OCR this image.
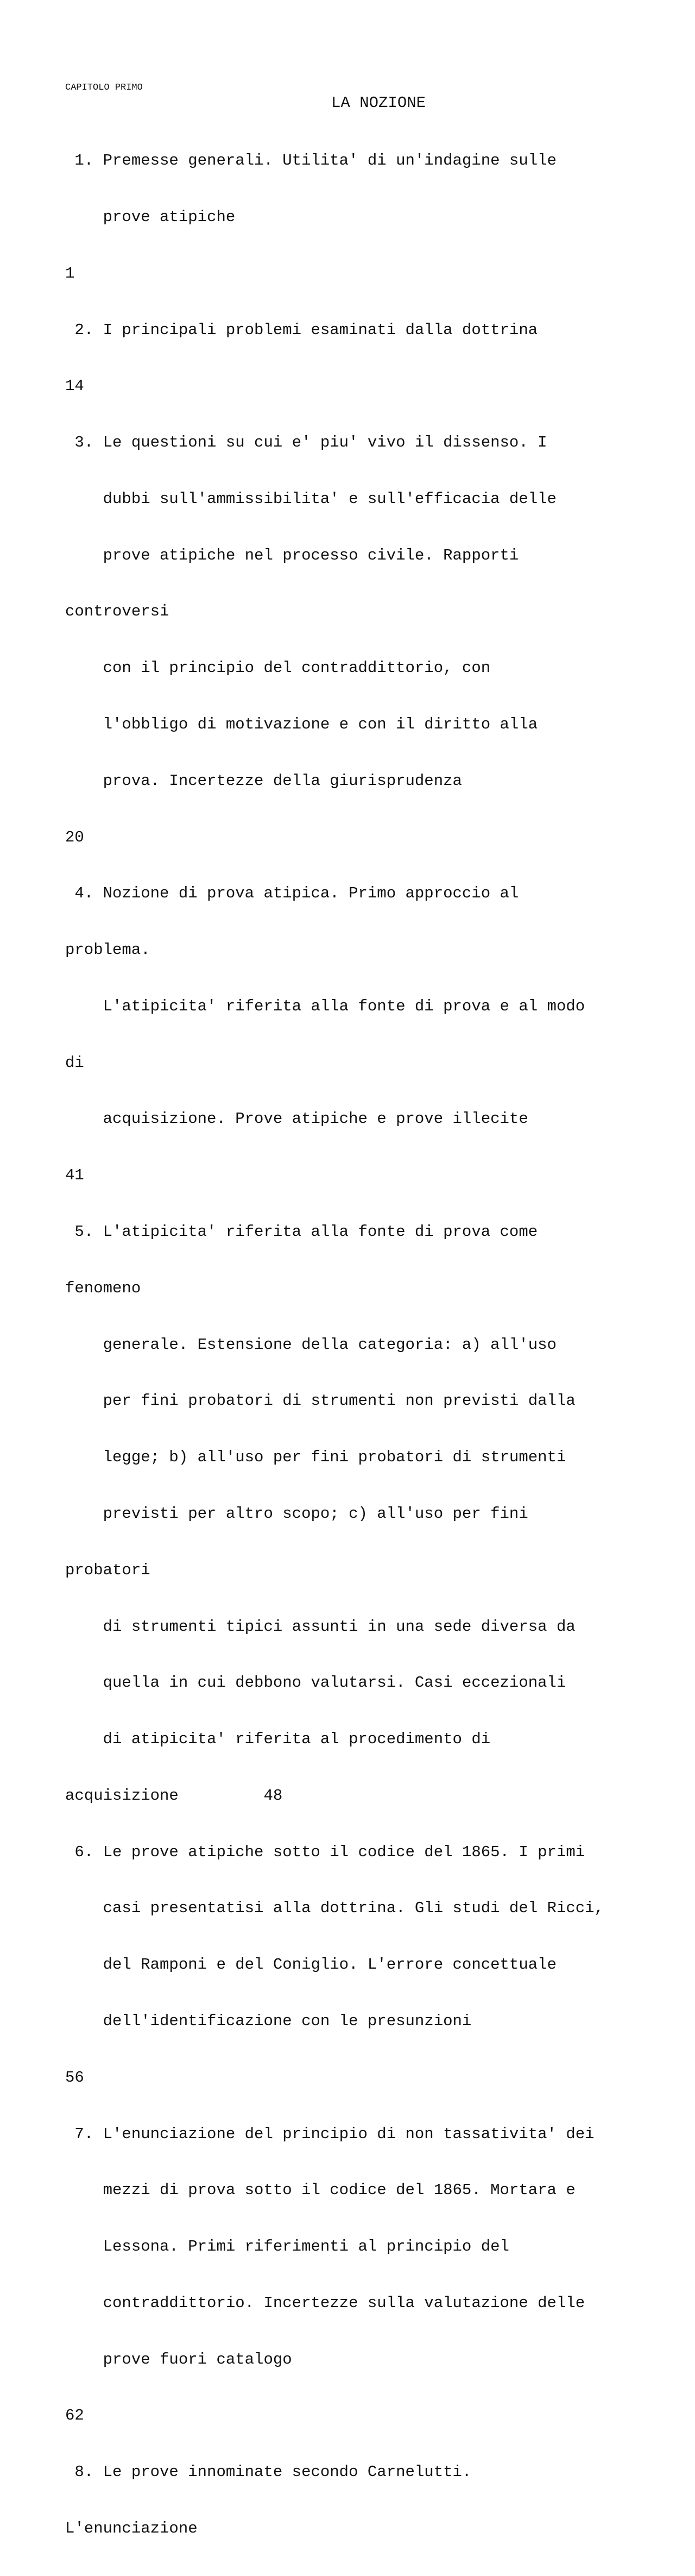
CAPITOLO PRIMO

LA NOZIONE

1. Premesse generali. Utilita' di un'indagine sulle

prove atipiche

1

2. I principali problemi esaminati dalla dottrina

14

3. Le questioni su cui e' piu' vivo il dissenso. I

dubbi sull'ammissibilita' e sull'efficacia delle

prove atipiche nel processo civile. Rapporti

controversi

con il principio del contraddittorio, con

l'obbligo di motivazione e con il diritto alla

prova. Incertezze della giurisprudenza

20

4. Nozione di prova atipica. Primo approccio al

problema.

L'atipicita' riferita alla fonte di prova e al modo

di

acquisizione. Prove atipiche e prove illecite

41

5. L'atipicita' riferita alla fonte di prova come

fenomeno

generale. Estensione della categoria: a) all'uso

per fini probatori di strumenti non previsti dalla

legge; b) all'uso per fini probatori di strumenti

previsti per altro scopo; c) all'uso per fini

probatori

di strumenti tipici assunti in una sede diversa da

quella in cui debbono valutarsi. Casi eccezionali

di atipicita' riferita al procedimento di

acquisizione         48

6. Le prove atipiche sotto il codice del 1865. I primi

casi presentatisi alla dottrina. Gli studi del Ricci,

del Ramponi e del Coniglio. L'errore concettuale

dell'identificazione con le presunzioni

56

7. L'enunciazione del principio di non tassativita' dei

mezzi di prova sotto il codice del 1865. Mortara e

Lessona. Primi riferimenti al principio del

contraddittorio. Incertezze sulla valutazione delle

prove fuori catalogo

62

8. Le prove innominate secondo Carnelutti.

L'enunciazione
